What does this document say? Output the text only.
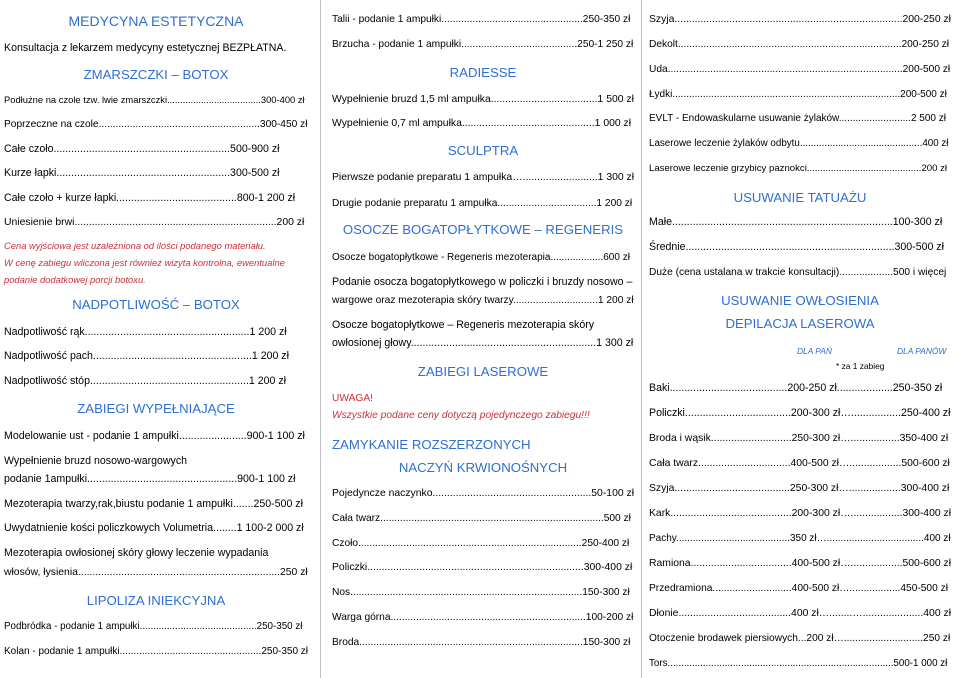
MEDYCYNA ESTETYCZNA
Konsultacja z lekarzem medycyny estetycznej BEZPŁATNA.
ZMARSZCZKI – BOTOX
Podłużne na czole tzw. lwie zmarszczki....................................300-400 zł
Poprzeczne na czole.........................................................300-450 zł
Całe czoło............................................................500-900 zł
Kurze łapki...........................................................300-500 zł
Całe czoło + kurze łapki.........................................800-1 200 zł
Uniesienie brwi......................................................................200 zł
Cena wyjściowa jest uzależniona od ilości podanego materiału.
W cenę zabiegu wliczona jest również wizyta kontrolna, ewentualne
podanie dodatkowej porcji botoxu.
NADPOTLIWOŚĆ – BOTOX
Nadpotliwość rąk........................................................1 200 zł
Nadpotliwość pach......................................................1 200 zł
Nadpotliwość stóp......................................................1 200 zł
ZABIEGI WYPEŁNIAJĄCE
Modelowanie ust - podanie 1 ampułki.......................900-1 100 zł
Wypełnienie bruzd nosowo-wargowych
podanie 1ampułki...................................................900-1 100 zł
Mezoterapia twarzy,rak,biustu podanie 1 ampułki.......250-500 zł
Uwydatnienie kości policzkowych Volumetria........1 100-2 000 zł
Mezoterapia owłosionej skóry głowy leczenie wypadania
włosów, łysienia......................................................................250 zł
LIPOLIZA INIEKCYJNA
Podbródka - podanie 1 ampułki...........................................250-350 zł
Kolan - podanie 1 ampułki...................................................250-350 zł
Talii - podanie 1 ampułki..................................................250-350 zł
Brzucha - podanie 1 ampułki.........................................250-1 250 zł
RADIESSE
Wypełnienie bruzd 1,5 ml ampułka.....................................1 500 zł
Wypełnienie 0,7 ml ampułka..............................................1 000 zł
SCULPTRA
Pierwsze podanie preparatu 1 ampułka…..........................1 300 zł
Drugie podanie preparatu 1 ampułka...................................1 200 zł
OSOCZE BOGATOPŁYTKOWE – REGENERIS
Osocze bogatopłytkowe - Regeneris mezoterapia...................600 zł
Podanie osocza bogatopłytkowego w policzki i bruzdy nosowo –
wargowe oraz mezoterapia skóry twarzy..............................1 200 zł
Osocze bogatopłytkowe – Regeneris mezoterapia skóry
owłosionej głowy...............................................................1 300 zł
ZABIEGI LASEROWE
UWAGA!
Wszystkie podane ceny dotyczą pojedynczego zabiegu!!!
ZAMYKANIE ROZSZERZONYCH
NACZYŃ KRWIONOŚNYCH
Pojedyncze naczynko.......................................................50-100 zł
Cała twarz...............................................................................500 zł
Czoło...............................................................................250-400 zł
Policzki...........................................................................300-400 zł
Nos..................................................................................150-300 zł
Warga górna.....................................................................100-200 zł
Broda...............................................................................150-300 zł
Szyja...............................................................................200-250 zł
Dekolt...............................................................................200-250 zł
Uda...................................................................................200-500 zł
Łydki..................................................................................200-500 zł
EVLT - Endowaskularne usuwanie żylaków..........................2 500 zł
Laserowe leczenie żylaków odbytu.............................................400 zł
Laserowe leczenie grzybicy paznokci...........................................200 zł
USUWANIE TATUAŻU
Małe...........................................................................100-300 zł
Średnie.......................................................................300-500 zł
Duże (cena ustalana w trakcie konsultacji)...................500 i więcej
USUWANIE OWŁOSIENIA
DEPILACJA LASEROWA
DLA PAŃ	DLA PANÓW
* za 1 zabieg
Baki........................................200-250 zł...................250-350 zł
Policzki....................................200-300 zł….................250-400 zł
Broda i wąsik............................250-300 zł….................350-400 zł
Cała twarz................................400-500 zł…..................500-600 zł
Szyja........................................250-300 zł…..................300-400 zł
Kark..........................................200-300 zł…..................300-400 zł
Pachy.........................................350 zł…...................................400 zł
Ramiona...................................400-500 zł…..................500-600 zł
Przedramiona............................400-500 zł…..................450-500 zł
Dłonie.......................................400 zł…........….....................400 zł
Otoczenie brodawek piersiowych...200 zł…............................250 zł
Tors...................................................................................500-1 000 zł
